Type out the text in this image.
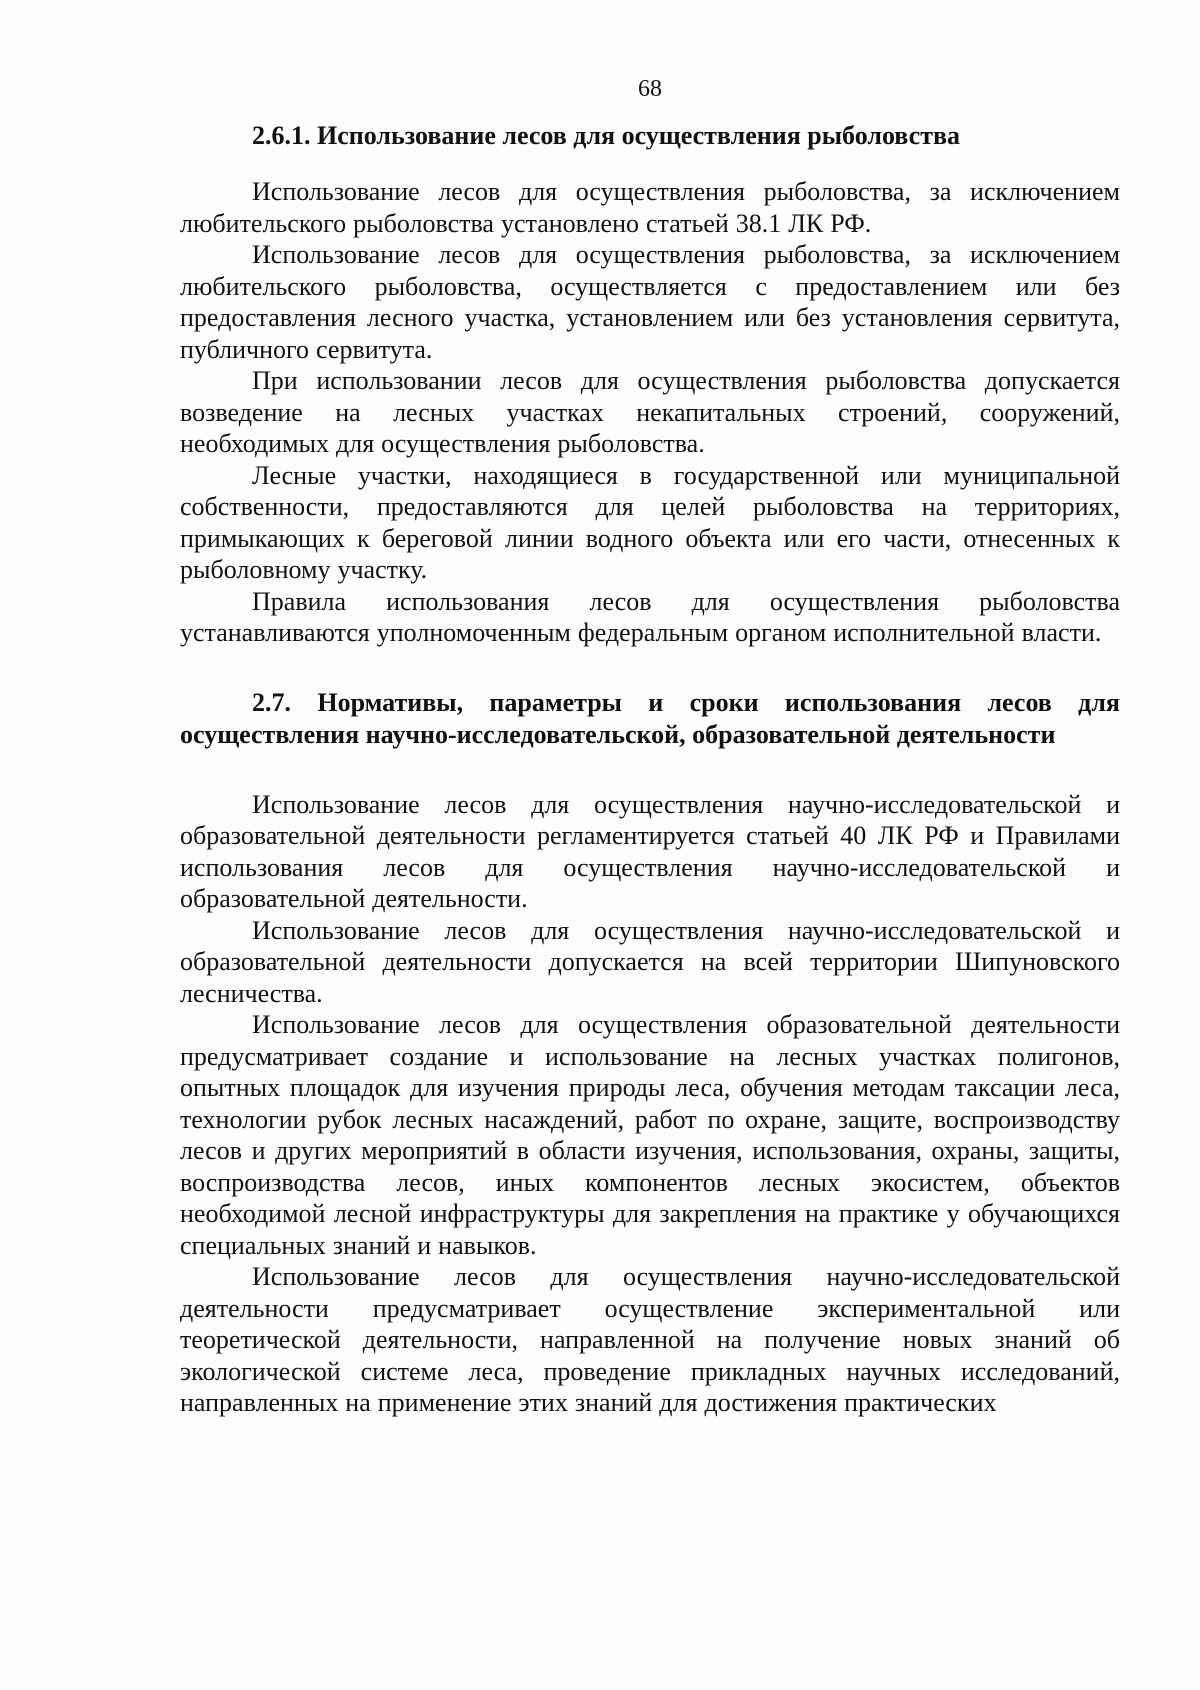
68
2.6.1. Использование лесов для осуществления рыболовства

Использование лесов для осуществления рыболовства, за исключением любительского рыболовства установлено статьей 38.1 ЛК РФ.

Использование лесов для осуществления рыболовства, за исключением любительского рыболовства, осуществляется с предоставлением или без предоставления лесного участка, установлением или без установления сервитута, публичного сервитута.

При использовании лесов для осуществления рыболовства допускается возведение на лесных участках некапитальных строений, сооружений, необходимых для осуществления рыболовства.

Лесные участки, находящиеся в государственной или муниципальной собственности, предоставляются для целей рыболовства на территориях, примыкающих к береговой линии водного объекта или его части, отнесенных к рыболовному участку.

Правила использования лесов для осуществления рыболовства устанавливаются уполномоченным федеральным органом исполнительной власти.

2.7. Нормативы, параметры и сроки использования лесов для осуществления научно-исследовательской, образовательной деятельности

Использование лесов для осуществления научно-исследовательской и образовательной деятельности регламентируется статьей 40 ЛК РФ и Правилами использования лесов для осуществления научно-исследовательской и образовательной деятельности.

Использование лесов для осуществления научно-исследовательской и образовательной деятельности допускается на всей территории Шипуновского лесничества.

Использование лесов для осуществления образовательной деятельности предусматривает создание и использование на лесных участках полигонов, опытных площадок для изучения природы леса, обучения методам таксации леса, технологии рубок лесных насаждений, работ по охране, защите, воспроизводству лесов и других мероприятий в области изучения, использования, охраны, защиты, воспроизводства лесов, иных компонентов лесных экосистем, объектов необходимой лесной инфраструктуры для закрепления на практике у обучающихся специальных знаний и навыков.

Использование лесов для осуществления научно-исследовательской деятельности предусматривает осуществление экспериментальной или теоретической деятельности, направленной на получение новых знаний об экологической системе леса, проведение прикладных научных исследований, направленных на применение этих знаний для достижения практических
